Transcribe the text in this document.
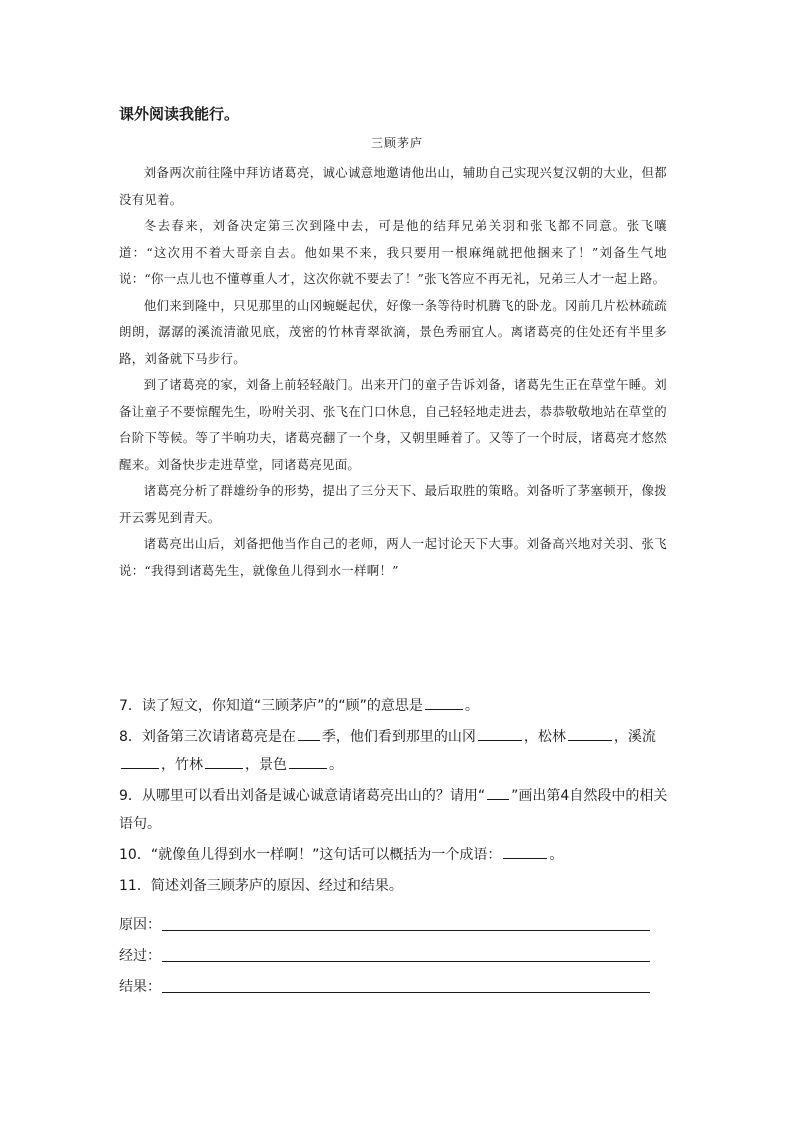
课外阅读我能行。
三顾茅庐

刘备两次前往隆中拜访诸葛亮，诚心诚意地邀请他出山，辅助自己实现兴复汉朝的大业，但都没有见着。

冬去春来，刘备决定第三次到隆中去，可是他的结拜兄弟关羽和张飞都不同意。张飞嚷道：“这次用不着大哥亲自去。他如果不来，我只要用一根麻绳就把他捆来了！”刘备生气地说：“你一点儿也不懂尊重人才，这次你就不要去了！”张飞答应不再无礼，兄弟三人才一起上路。

他们来到隆中，只见那里的山冈蜿蜒起伏，好像一条等待时机腾飞的卧龙。冈前几片松林疏疏朗朗，潺潺的溪流清澈见底，茂密的竹林青翠欲滴，景色秀丽宜人。离诸葛亮的住处还有半里多路，刘备就下马步行。

到了诸葛亮的家，刘备上前轻轻敲门。出来开门的童子告诉刘备，诸葛先生正在草堂午睡。刘备让童子不要惊醒先生，吩咐关羽、张飞在门口休息，自己轻轻地走进去，恭恭敬敬地站在草堂的台阶下等候。等了半晌功夫，诸葛亮翻了一个身，又朝里睡着了。又等了一个时辰，诸葛亮才悠然醒来。刘备快步走进草堂，同诸葛亮见面。

诸葛亮分析了群雄纷争的形势，提出了三分天下、最后取胜的策略。刘备听了茅塞顿开，像拨开云雾见到青天。

诸葛亮出山后，刘备把他当作自己的老师，两人一起讨论天下大事。刘备高兴地对关羽、张飞说：“我得到诸葛先生，就像鱼儿得到水一样啊！”

7．读了短文，你知道“三顾茅庐”的“顾”的意思是	。
8．刘备第三次请诸葛亮是在 季，他们看到那里的山冈	，松林	，溪流
，竹林	，景色	。
9．从哪里可以看出刘备是诚心诚意请诸葛亮出山的？请用“ ”画出第4自然段中的相关语句。
10．“就像鱼儿得到水一样啊！”这句话可以概括为一个成语：	。
11．简述刘备三顾茅庐的原因、经过和结果。
原因：
经过：
结果：
